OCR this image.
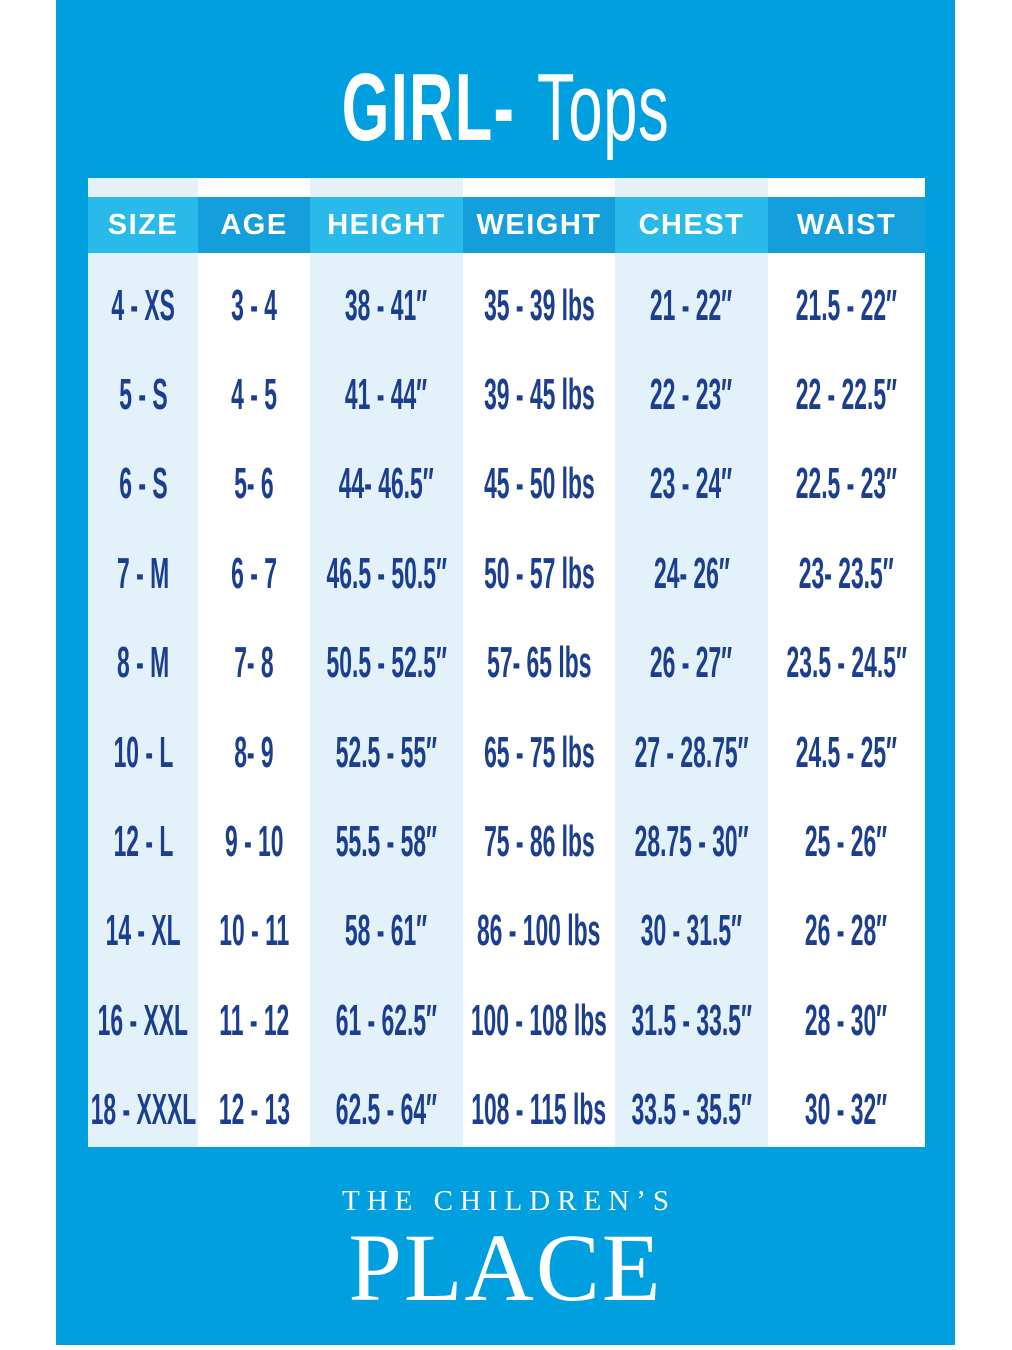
GIRL- Tops
SIZE AGE HEIGHT WEIGHT CHEST WAIST
4 - XS 3 - 4 38 - 41″ 35 - 39 lbs 21 - 22″ 21.5 - 22″
5 - S 4 - 5 41 - 44″ 39 - 45 lbs 22 - 23″ 22 - 22.5″
6 - S 5- 6 44- 46.5″ 45 - 50 lbs 23 - 24″ 22.5 - 23″
7 - M 6 - 7 46.5 - 50.5″ 50 - 57 lbs 24- 26″ 23- 23.5″
8 - M 7- 8 50.5 - 52.5″ 57- 65 lbs 26 - 27″ 23.5 - 24.5″
10 - L 8- 9 52.5 - 55″ 65 - 75 lbs 27 - 28.75″ 24.5 - 25″
12 - L 9 - 10 55.5 - 58″ 75 - 86 lbs 28.75 - 30″ 25 - 26″
14 - XL 10 - 11 58 - 61″ 86 - 100 lbs 30 - 31.5″ 26 - 28″
16 - XXL 11 - 12 61 - 62.5″ 100 - 108 lbs 31.5 - 33.5″ 28 - 30″
18 - XXXL 12 - 13 62.5 - 64″ 108 - 115 lbs 33.5 - 35.5″ 30 - 32″
THE CHILDREN’S
PLACE
